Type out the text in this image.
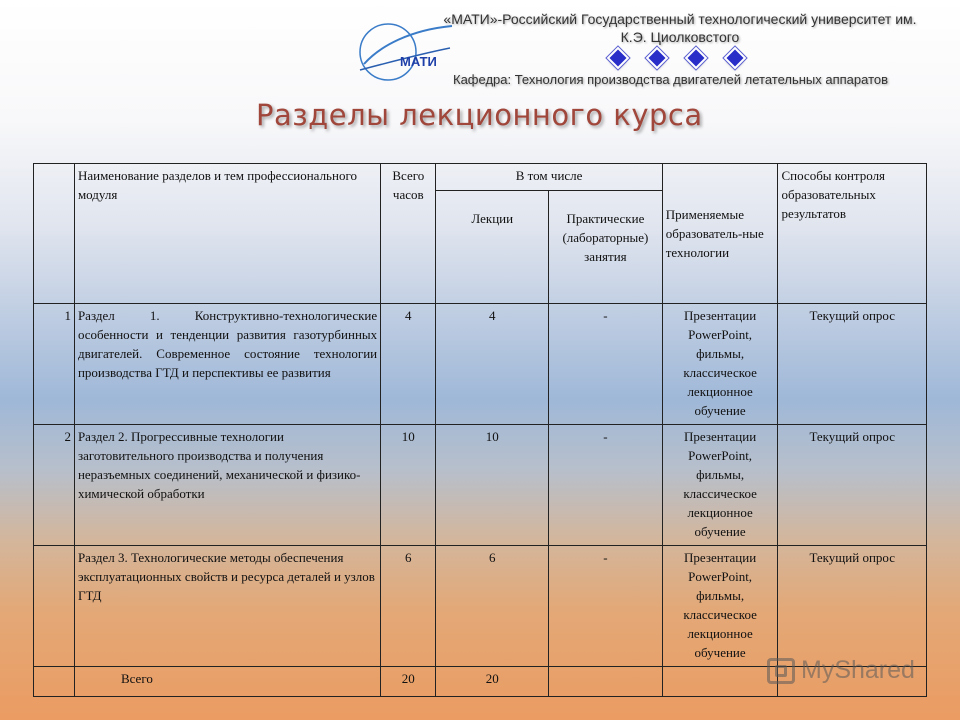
МАТИ
«МАТИ»-Российский Государственный технологический университет им. К.Э. Циолковстого
Кафедра: Технология производства двигателей летательных аппаратов
Разделы лекционного курса
	Наименование разделов и тем профессионального модуля	Всего часов	В том числе		Применяемые образователь-ные технологии	Способы контроля образовательных результатов
			Лекции	Практические (лабораторные) занятия		
1	Раздел 1. Конструктивно-технологические особенности и тенденции развития газотурбинных двигателей. Современное состояние технологии производства ГТД и перспективы ее развития	4	4	-	Презентации PowerPoint, фильмы, классическое лекционное обучение	Текущий опрос
2	Раздел 2. Прогрессивные технологии заготовительного производства и получения неразъемных соединений, механической и физико-химической обработки	10	10	-	Презентации PowerPoint, фильмы, классическое лекционное обучение	Текущий опрос
	Раздел 3. Технологические методы обеспечения эксплуатационных свойств и ресурса деталей и узлов ГТД	6	6	-	Презентации PowerPoint, фильмы, классическое лекционное обучение	Текущий опрос
	Всего	20	20				MyShared
